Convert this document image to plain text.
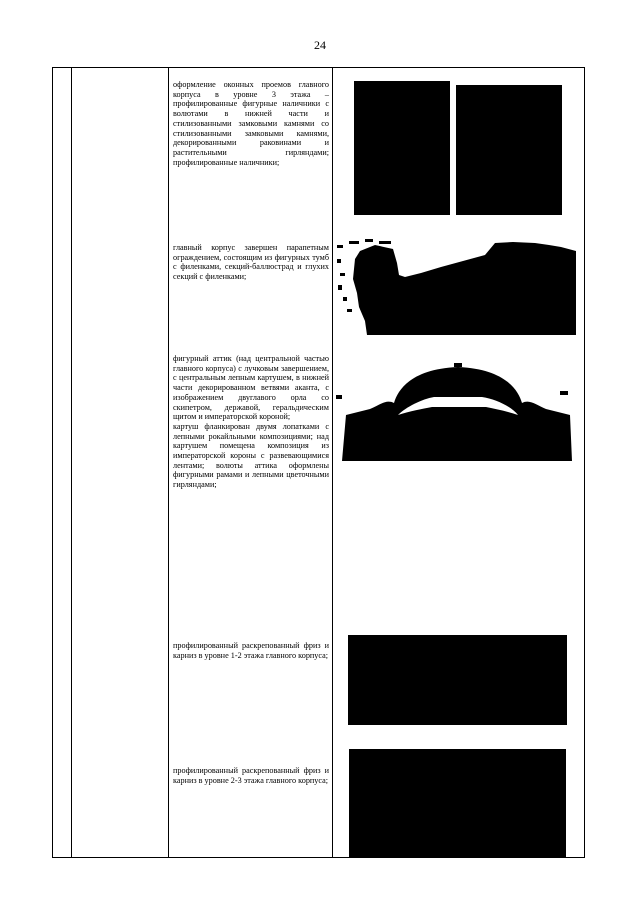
24

оформление оконных проемов главного корпуса в уровне 3 этажа – профилированные фигурные наличники с волютами в нижней части и стилизованными замковыми камнями со стилизованными замковыми камнями, декорированными раковинами и растительными гирляндами; профилированные наличники;

главный корпус завершен парапетным ограждением, состоящим из фигурных тумб с филенками, секций-баллюстрад и глухих секций с филенками;

фигурный аттик (над центральной частью главного корпуса) с лучковым завершением, с центральным лепным картушем, в нижней части декорированном ветвями аканта, с изображением двуглавого орла со скипетром, державой, геральдическим щитом и императорской короной;

картуш фланкирован двумя лопатками с лепными рокайльными композициями; над картушем помещена композиция из императорской короны с развевающимися лентами; волюты аттика оформлены фигурными рамами и лепными цветочными гирляндами;

профилированный раскрепованный фриз и карниз в уровне 1-2 этажа главного корпуса;

профилированный раскрепованный фриз и карниз в уровне 2-3 этажа главного корпуса;
